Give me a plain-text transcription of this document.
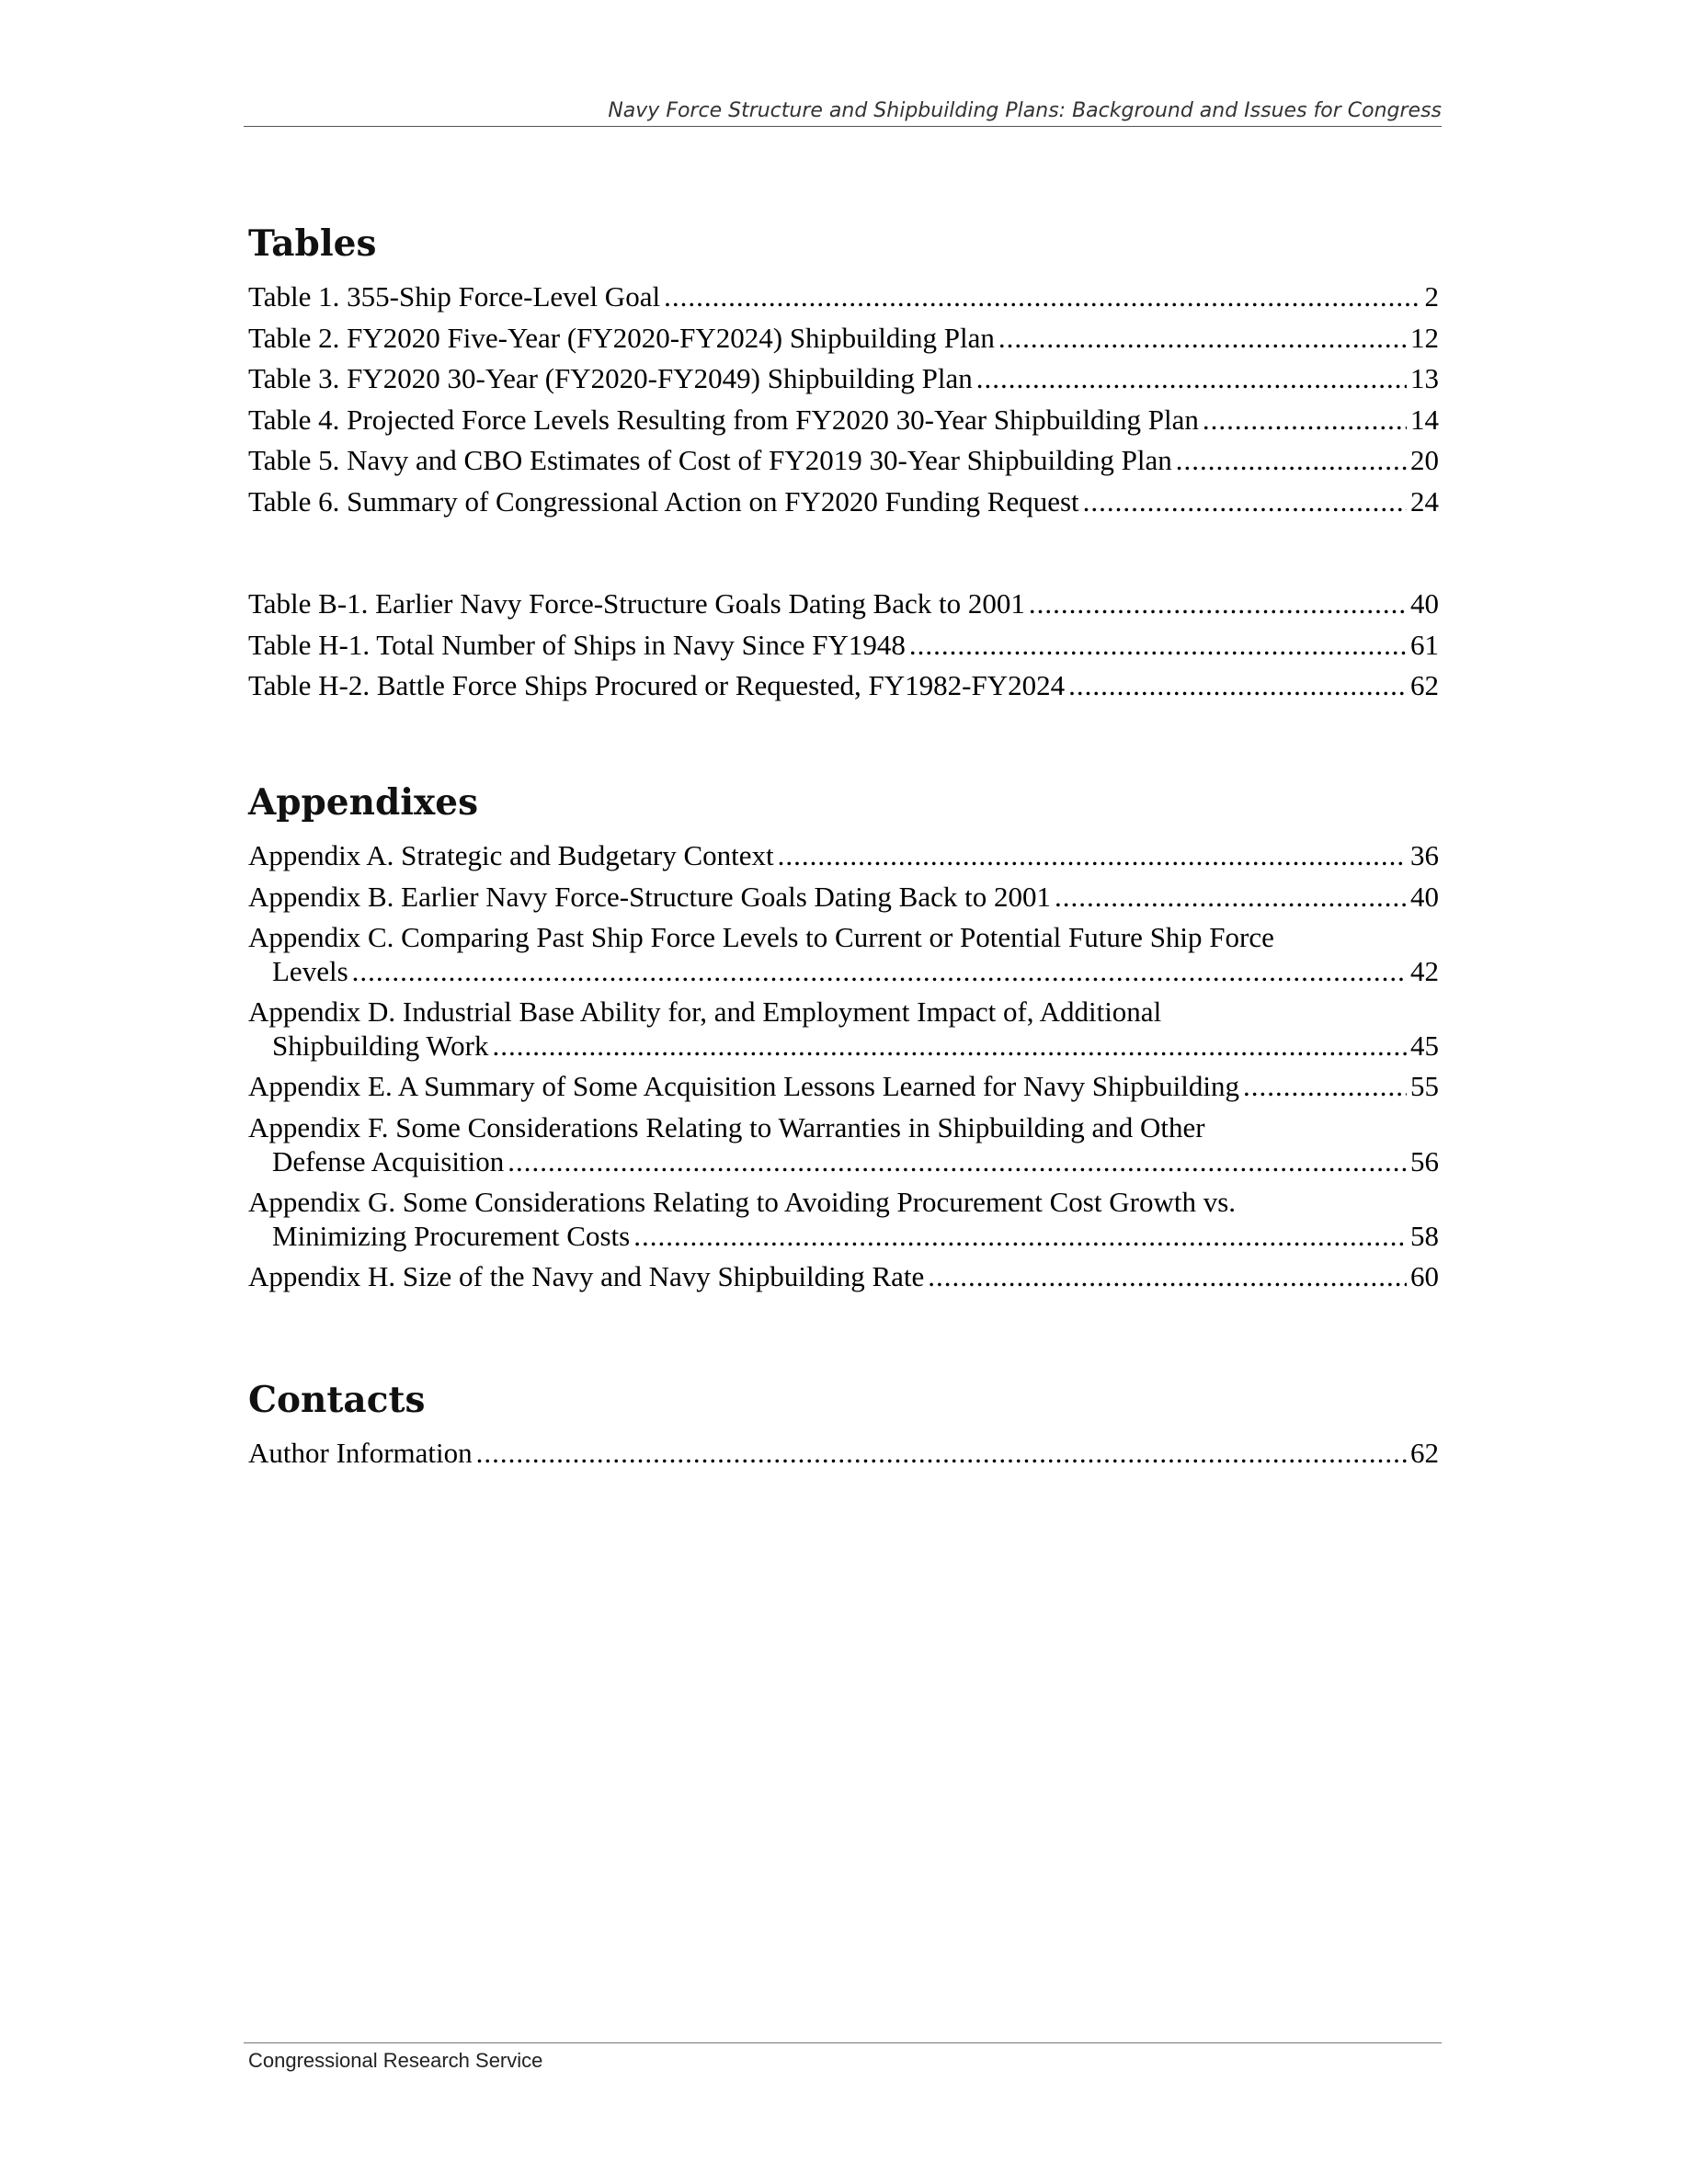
Navy Force Structure and Shipbuilding Plans: Background and Issues for Congress
Tables
Table 1. 355-Ship Force-Level Goal .....	2
Table 2. FY2020 Five-Year (FY2020-FY2024) Shipbuilding Plan .....	12
Table 3. FY2020 30-Year (FY2020-FY2049) Shipbuilding Plan .....	13
Table 4. Projected Force Levels Resulting from FY2020 30-Year Shipbuilding Plan .....	14
Table 5. Navy and CBO Estimates of Cost of FY2019 30-Year Shipbuilding Plan .....	20
Table 6. Summary of Congressional Action on FY2020 Funding Request .....	24
Table B-1. Earlier Navy Force-Structure Goals Dating Back to 2001 .....	40
Table H-1. Total Number of Ships in Navy Since FY1948 .....	61
Table H-2. Battle Force Ships Procured or Requested, FY1982-FY2024 .....	62
Appendixes
Appendix A. Strategic and Budgetary Context .....	36
Appendix B. Earlier Navy Force-Structure Goals Dating Back to 2001 .....	40
Appendix C. Comparing Past Ship Force Levels to Current or Potential Future Ship Force
Levels .....	42
Appendix D. Industrial Base Ability for, and Employment Impact of, Additional
Shipbuilding Work .....	45
Appendix E. A Summary of Some Acquisition Lessons Learned for Navy Shipbuilding .....	55
Appendix F. Some Considerations Relating to Warranties in Shipbuilding and Other
Defense Acquisition .....	56
Appendix G. Some Considerations Relating to Avoiding Procurement Cost Growth vs.
Minimizing Procurement Costs .....	58
Appendix H. Size of the Navy and Navy Shipbuilding Rate .....	60
Contacts
Author Information .....	62
Congressional Research Service
